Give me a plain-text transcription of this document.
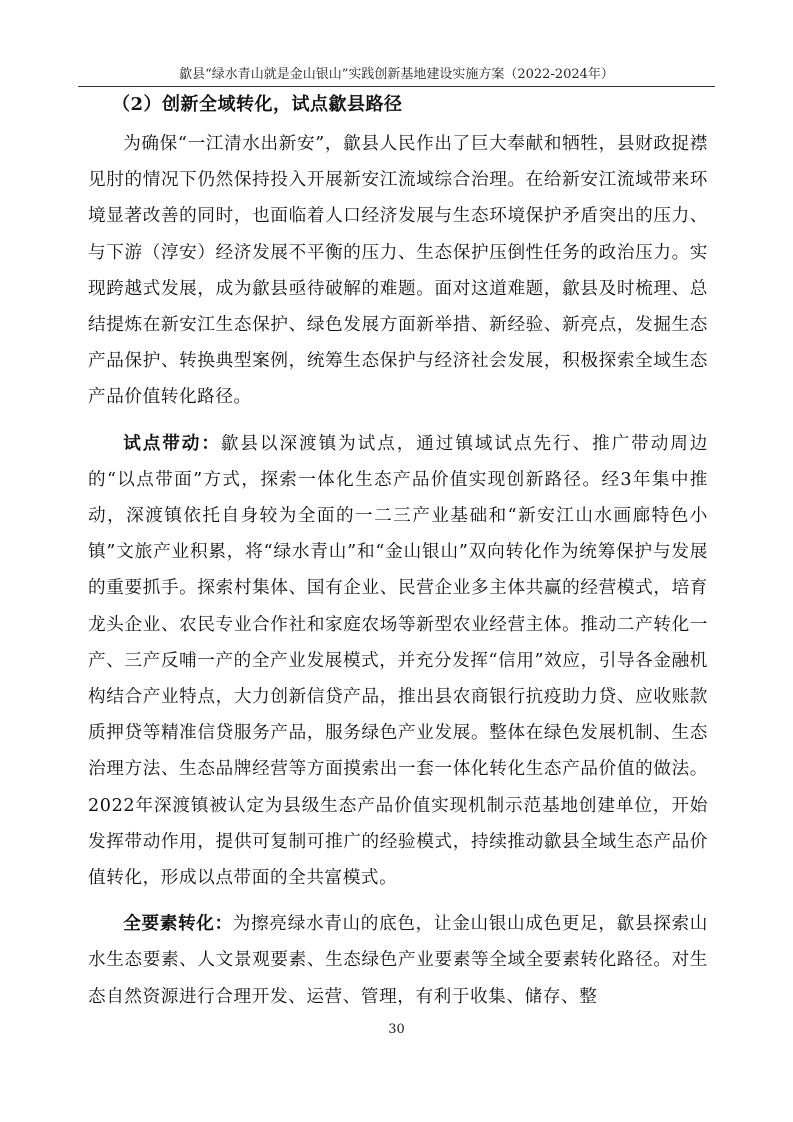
歙县“绿水青山就是金山银山”实践创新基地建设实施方案（2022-2024年）
（2）创新全域转化，试点歙县路径

为确保“一江清水出新安”，歙县人民作出了巨大奉献和牺牲，县财政捉襟见肘的情况下仍然保持投入开展新安江流域综合治理。在给新安江流域带来环境显著改善的同时，也面临着人口经济发展与生态环境保护矛盾突出的压力、与下游（淳安）经济发展不平衡的压力、生态保护压倒性任务的政治压力。实现跨越式发展，成为歙县亟待破解的难题。面对这道难题，歙县及时梳理、总结提炼在新安江生态保护、绿色发展方面新举措、新经验、新亮点，发掘生态产品保护、转换典型案例，统筹生态保护与经济社会发展，积极探索全域生态产品价值转化路径。

试点带动：歙县以深渡镇为试点，通过镇域试点先行、推广带动周边的“以点带面”方式，探索一体化生态产品价值实现创新路径。经3年集中推动，深渡镇依托自身较为全面的一二三产业基础和“新安江山水画廊特色小镇”文旅产业积累，将“绿水青山”和“金山银山”双向转化作为统筹保护与发展的重要抓手。探索村集体、国有企业、民营企业多主体共赢的经营模式，培育龙头企业、农民专业合作社和家庭农场等新型农业经营主体。推动二产转化一产、三产反哺一产的全产业发展模式，并充分发挥“信用”效应，引导各金融机构结合产业特点，大力创新信贷产品，推出县农商银行抗疫助力贷、应收账款质押贷等精准信贷服务产品，服务绿色产业发展。整体在绿色发展机制、生态治理方法、生态品牌经营等方面摸索出一套一体化转化生态产品价值的做法。2022年深渡镇被认定为县级生态产品价值实现机制示范基地创建单位，开始发挥带动作用，提供可复制可推广的经验模式，持续推动歙县全域生态产品价值转化，形成以点带面的全共富模式。

全要素转化：为擦亮绿水青山的底色，让金山银山成色更足，歙县探索山水生态要素、人文景观要素、生态绿色产业要素等全域全要素转化路径。对生态自然资源进行合理开发、运营、管理，有利于收集、储存、整

30
